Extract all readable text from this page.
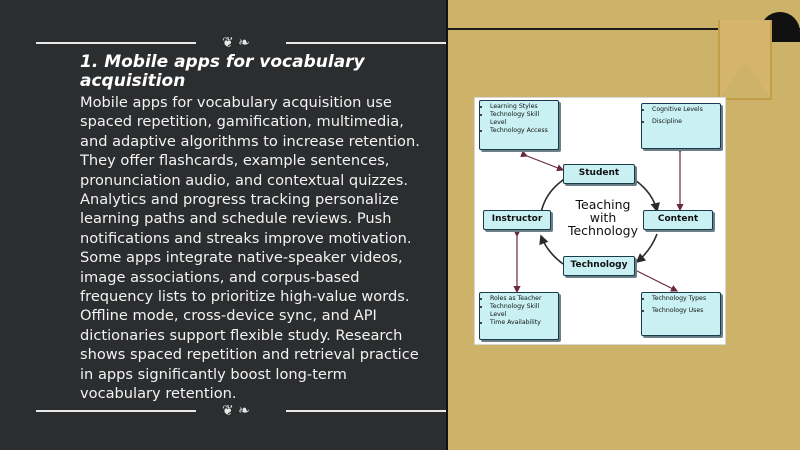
❦ ❧
❦ ❧
1. Mobile apps for vocabulary acquisition

Mobile apps for vocabulary acquisition use spaced repetition, gamification, multimedia, and adaptive algorithms to increase retention. They offer flashcards, example sentences, pronunciation audio, and contextual quizzes. Analytics and progress tracking personalize learning paths and schedule reviews. Push notifications and streaks improve motivation. Some apps integrate native-speaker videos, image associations, and corpus-based frequency lists to prioritize high-value words. Offline mode, cross-device sync, and API dictionaries support flexible study. Research shows spaced repetition and retrieval practice in apps significantly boost long-term vocabulary retention.

• Learning Styles
• Technology Skill Level
• Technology Access
• Cognitive Levels
• Discipline
• Roles as Teacher
• Technology Skill Level
• Time Availability
• Technology Types
• Technology Uses
Student
Content
Technology
Instructor
Teaching
with
Technology
